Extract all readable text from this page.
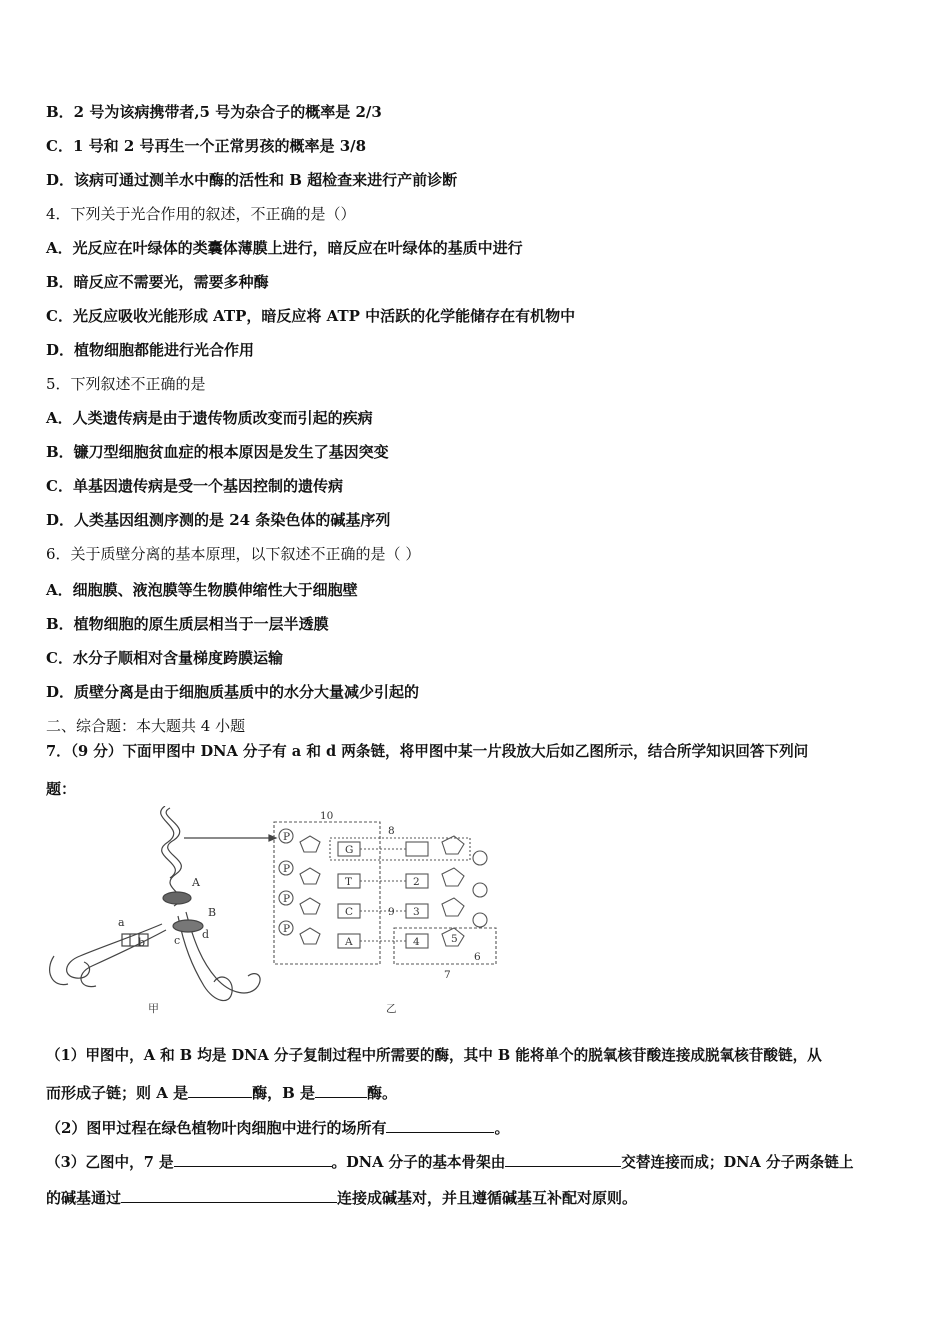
B．2 号为该病携带者,5 号为杂合子的概率是 2/3
C．1 号和 2 号再生一个正常男孩的概率是 3/8
D．该病可通过测羊水中酶的活性和 B 超检查来进行产前诊断
4．下列关于光合作用的叙述，不正确的是（）
A．光反应在叶绿体的类囊体薄膜上进行，暗反应在叶绿体的基质中进行
B．暗反应不需要光，需要多种酶
C．光反应吸收光能形成 ATP，暗反应将 ATP 中活跃的化学能储存在有机物中
D．植物细胞都能进行光合作用
5．下列叙述不正确的是
A．人类遗传病是由于遗传物质改变而引起的疾病
B．镰刀型细胞贫血症的根本原因是发生了基因突变
C．单基因遗传病是受一个基因控制的遗传病
D．人类基因组测序测的是 24 条染色体的碱基序列
6．关于质壁分离的基本原理，以下叙述不正确的是（ ）
A．细胞膜、液泡膜等生物膜伸缩性大于细胞壁
B．植物细胞的原生质层相当于一层半透膜
C．水分子顺相对含量梯度跨膜运输
D．质壁分离是由于细胞质基质中的水分大量减少引起的
二、综合题：本大题共 4 小题
7．（9 分）下面甲图中 DNA 分子有 a 和 d 两条链，将甲图中某一片段放大后如乙图所示，结合所学知识回答下列问
题：
A
B
a
b	c d
甲
P
P
P
P
G
T
C
A
10
8
2
9 3
4	5
6
7
乙
（1）甲图中，A 和 B 均是 DNA 分子复制过程中所需要的酶，其中 B 能将单个的脱氧核苷酸连接成脱氧核苷酸链，从
而形成子链；则 A 是	酶，B 是	酶。
（2）图甲过程在绿色植物叶肉细胞中进行的场所有	。
（3）乙图中，7 是	。DNA 分子的基本骨架由	交替连接而成；DNA 分子两条链上
的碱基通过	连接成碱基对，并且遵循碱基互补配对原则。
